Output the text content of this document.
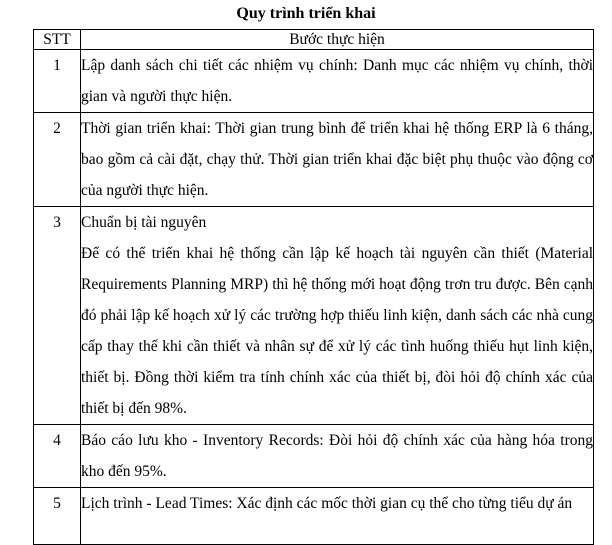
Quy trình triển khai
STT	Bước thực hiện
1	Lập danh sách chi tiết các nhiệm vụ chính: Danh mục các nhiệm vụ chính, thời gian và người thực hiện.
2	Thời gian triển khai: Thời gian trung bình để triển khai hệ thống ERP là 6 tháng, bao gồm cả cài đặt, chạy thử. Thời gian triển khai đặc biệt phụ thuộc vào động cơ của người thực hiện.
3	Chuẩn bị tài nguyên
Để có thể triển khai hệ thống cần lập kế hoạch tài nguyên cần thiết (Material Requirements Planning MRP) thì hệ thống mới hoạt động trơn tru được. Bên cạnh đó phải lập kế hoạch xử lý các trường hợp thiếu linh kiện, danh sách các nhà cung cấp thay thế khi cần thiết và nhân sự để xử lý các tình huống thiếu hụt linh kiện, thiết bị. Đồng thời kiểm tra tính chính xác của thiết bị, đòi hỏi độ chính xác của thiết bị đến 98%.

4	Báo cáo lưu kho - Inventory Records: Đòi hỏi độ chính xác của hàng hóa trong kho đến 95%.
5	Lịch trình - Lead Times: Xác định các mốc thời gian cụ thể cho từng tiểu dự án
